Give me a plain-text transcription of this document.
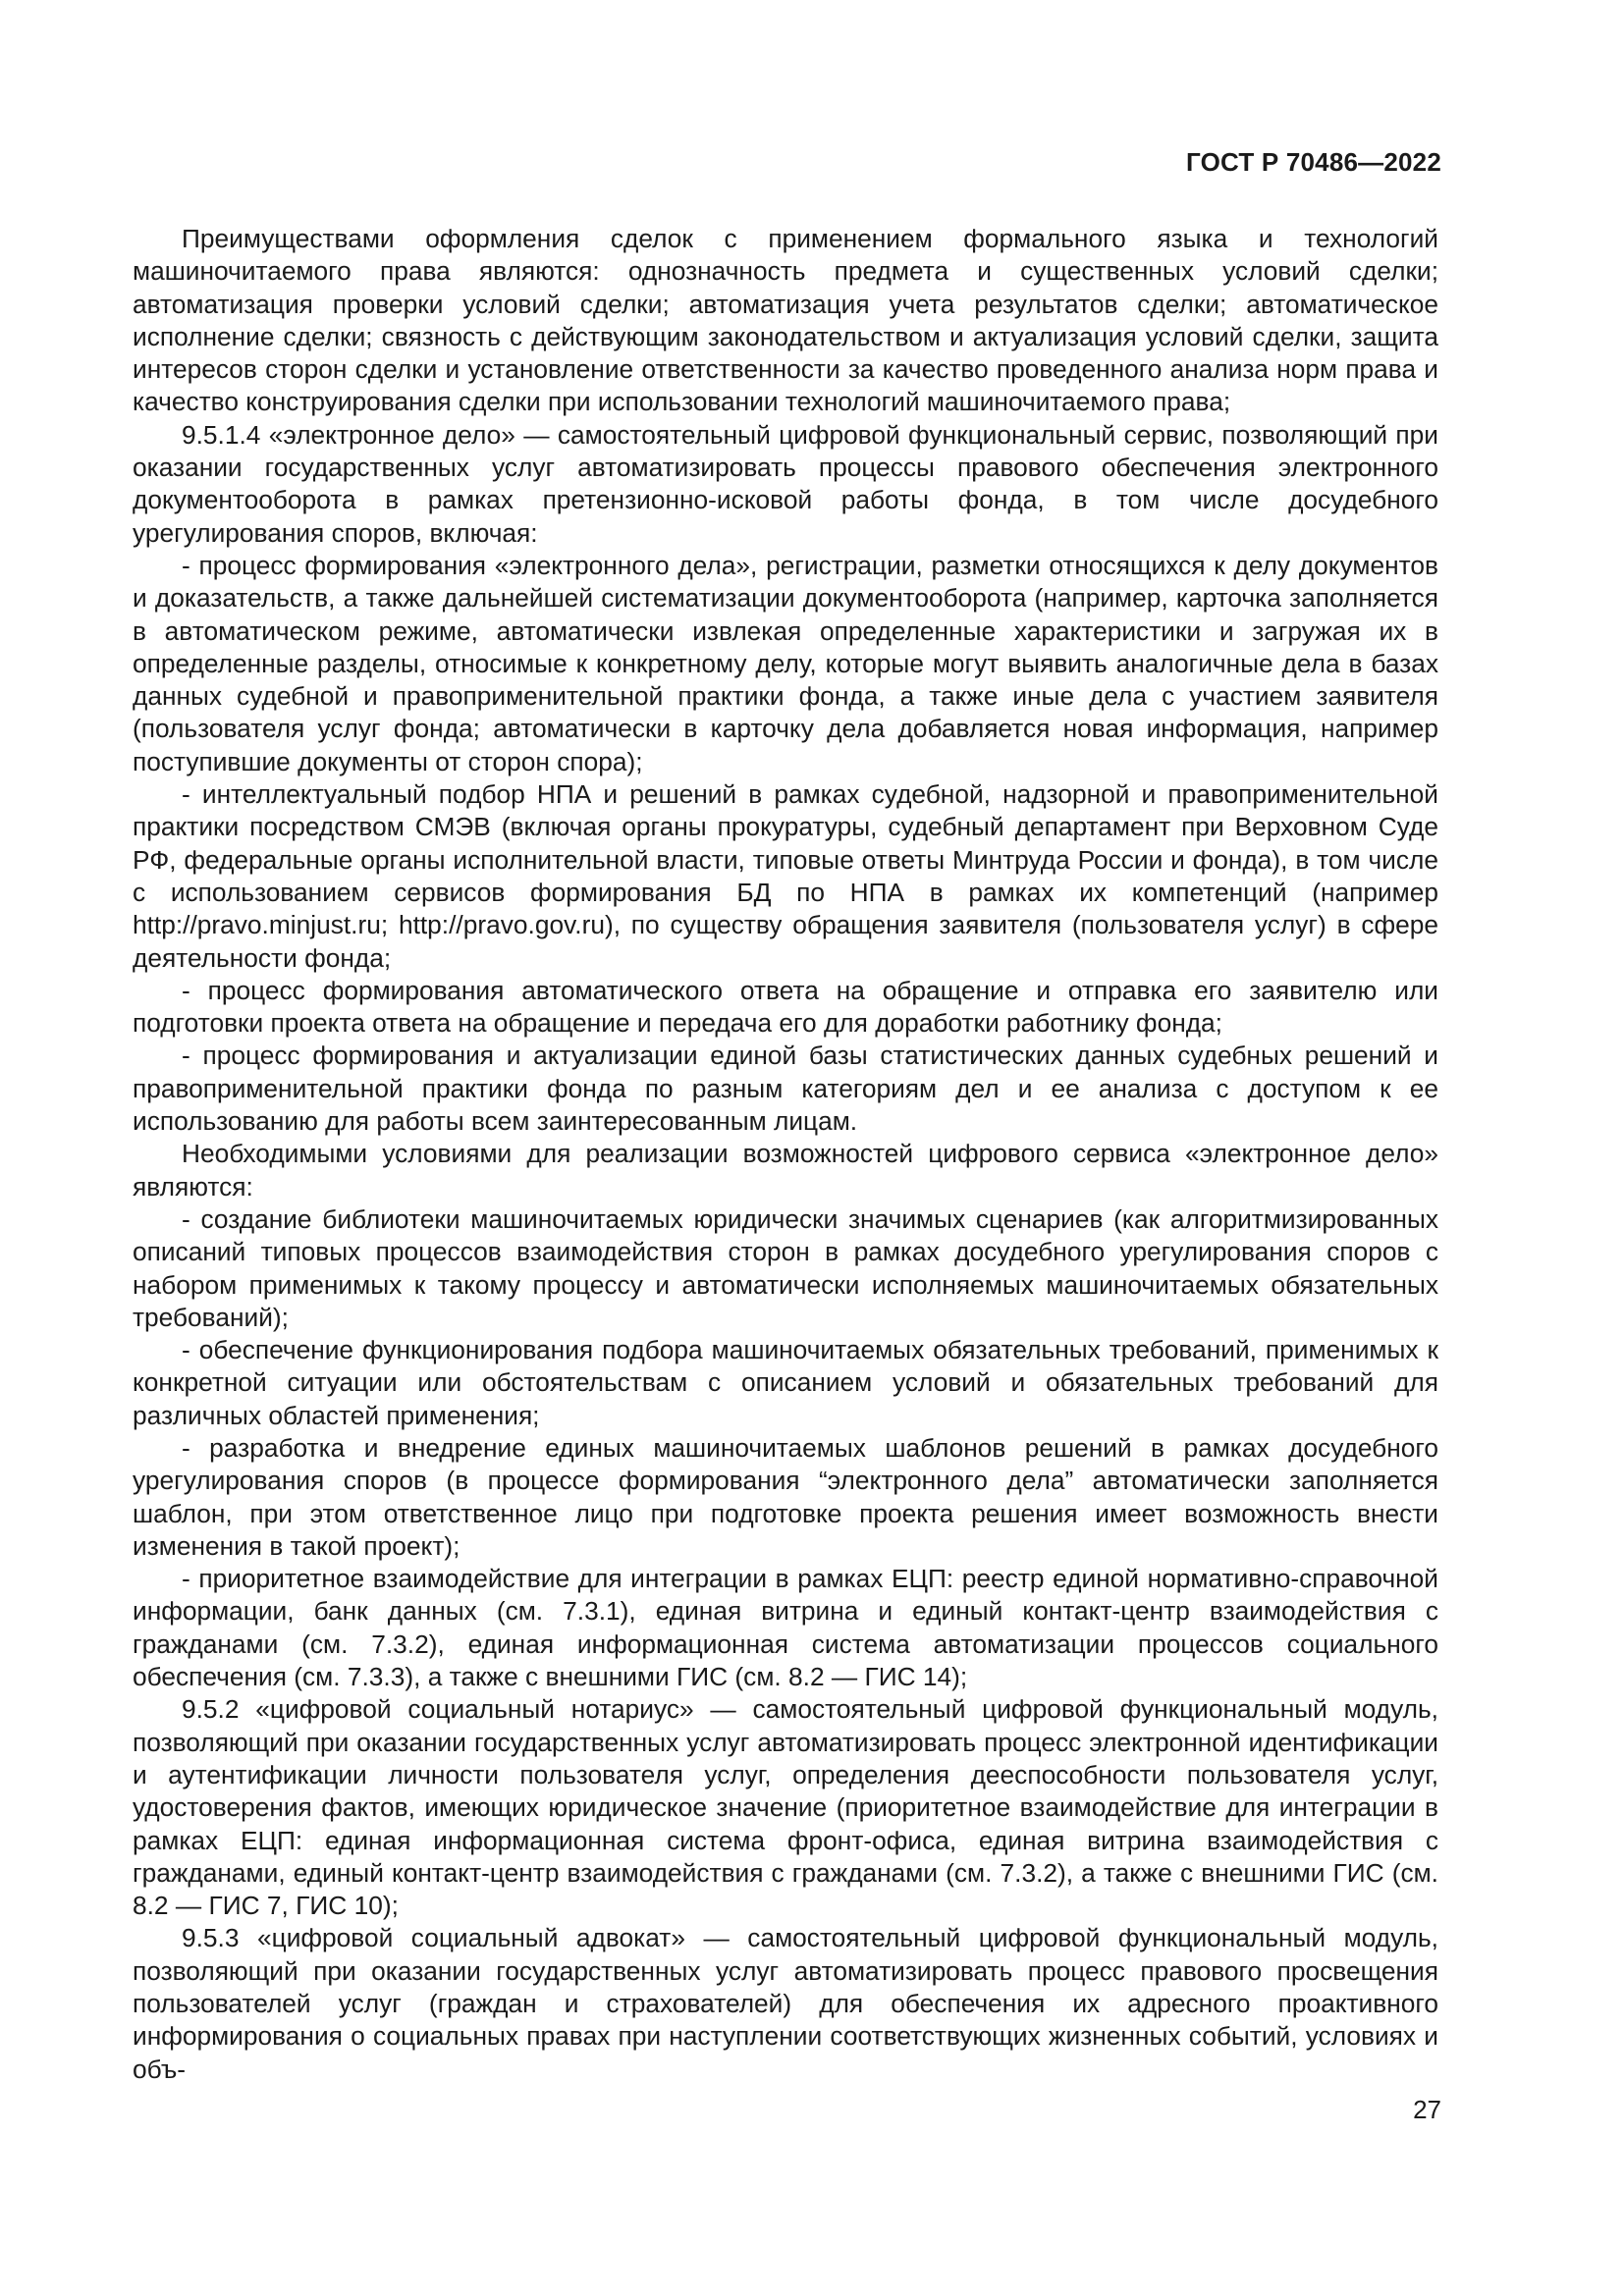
ГОСТ Р 70486—2022

Преимуществами оформления сделок с применением формального языка и технологий машиночитаемого права являются: однозначность предмета и существенных условий сделки; автоматизация проверки условий сделки; автоматизация учета результатов сделки; автоматическое исполнение сделки; связность с действующим законодательством и актуализация условий сделки, защита интересов сторон сделки и установление ответственности за качество проведенного анализа норм права и качество конструирования сделки при использовании технологий машиночитаемого права;

9.5.1.4 «электронное дело» — самостоятельный цифровой функциональный сервис, позволяющий при оказании государственных услуг автоматизировать процессы правового обеспечения электронного документооборота в рамках претензионно-исковой работы фонда, в том числе досудебного урегулирования споров, включая:

- процесс формирования «электронного дела», регистрации, разметки относящихся к делу документов и доказательств, а также дальнейшей систематизации документооборота (например, карточка заполняется в автоматическом режиме, автоматически извлекая определенные характеристики и загружая их в определенные разделы, относимые к конкретному делу, которые могут выявить аналогичные дела в базах данных судебной и правоприменительной практики фонда, а также иные дела с участием заявителя (пользователя услуг фонда; автоматически в карточку дела добавляется новая информация, например поступившие документы от сторон спора);

- интеллектуальный подбор НПА и решений в рамках судебной, надзорной и правоприменительной практики посредством СМЭВ (включая органы прокуратуры, судебный департамент при Верховном Суде РФ, федеральные органы исполнительной власти, типовые ответы Минтруда России и фонда), в том числе с использованием сервисов формирования БД по НПА в рамках их компетенций (например http://pravo.minjust.ru; http://pravo.gov.ru), по существу обращения заявителя (пользователя услуг) в сфере деятельности фонда;

- процесс формирования автоматического ответа на обращение и отправка его заявителю или подготовки проекта ответа на обращение и передача его для доработки работнику фонда;

- процесс формирования и актуализации единой базы статистических данных судебных решений и правоприменительной практики фонда по разным категориям дел и ее анализа с доступом к ее использованию для работы всем заинтересованным лицам.

Необходимыми условиями для реализации возможностей цифрового сервиса «электронное дело» являются:

- создание библиотеки машиночитаемых юридически значимых сценариев (как алгоритмизированных описаний типовых процессов взаимодействия сторон в рамках досудебного урегулирования споров с набором применимых к такому процессу и автоматически исполняемых машиночитаемых обязательных требований);

- обеспечение функционирования подбора машиночитаемых обязательных требований, применимых к конкретной ситуации или обстоятельствам с описанием условий и обязательных требований для различных областей применения;

- разработка и внедрение единых машиночитаемых шаблонов решений в рамках досудебного урегулирования споров (в процессе формирования “электронного дела” автоматически заполняется шаблон, при этом ответственное лицо при подготовке проекта решения имеет возможность внести изменения в такой проект);

- приоритетное взаимодействие для интеграции в рамках ЕЦП: реестр единой нормативно-справочной информации, банк данных (см. 7.3.1), единая витрина и единый контакт-центр взаимодействия с гражданами (см. 7.3.2), единая информационная система автоматизации процессов социального обеспечения (см. 7.3.3), а также с внешними ГИС (см. 8.2 — ГИС 14);

9.5.2 «цифровой социальный нотариус» — самостоятельный цифровой функциональный модуль, позволяющий при оказании государственных услуг автоматизировать процесс электронной идентификации и аутентификации личности пользователя услуг, определения дееспособности пользователя услуг, удостоверения фактов, имеющих юридическое значение (приоритетное взаимодействие для интеграции в рамках ЕЦП: единая информационная система фронт-офиса, единая витрина взаимодействия с гражданами, единый контакт-центр взаимодействия с гражданами (см. 7.3.2), а также с внешними ГИС (см. 8.2 — ГИС 7, ГИС 10);

9.5.3 «цифровой социальный адвокат» — самостоятельный цифровой функциональный модуль, позволяющий при оказании государственных услуг автоматизировать процесс правового просвещения пользователей услуг (граждан и страхователей) для обеспечения их адресного проактивного информирования о социальных правах при наступлении соответствующих жизненных событий, условиях и объ-

27
